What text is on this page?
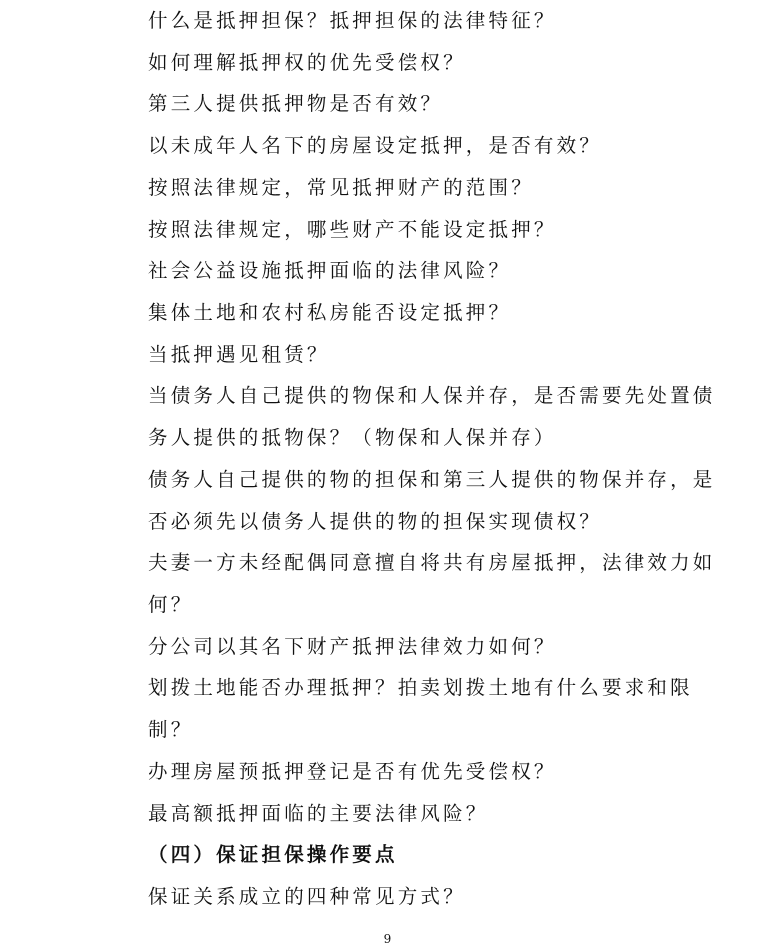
什么是抵押担保？抵押担保的法律特征？
如何理解抵押权的优先受偿权？
第三人提供抵押物是否有效？
以未成年人名下的房屋设定抵押，是否有效？
按照法律规定，常见抵押财产的范围？
按照法律规定，哪些财产不能设定抵押？
社会公益设施抵押面临的法律风险？
集体土地和农村私房能否设定抵押？
当抵押遇见租赁？
当债务人自己提供的物保和人保并存，是否需要先处置债
务人提供的抵物保？（物保和人保并存）
债务人自己提供的物的担保和第三人提供的物保并存，是
否必须先以债务人提供的物的担保实现债权？
夫妻一方未经配偶同意擅自将共有房屋抵押，法律效力如
何？
分公司以其名下财产抵押法律效力如何？
划拨土地能否办理抵押？拍卖划拨土地有什么要求和限
制？
办理房屋预抵押登记是否有优先受偿权？
最高额抵押面临的主要法律风险？
（四）保证担保操作要点
保证关系成立的四种常见方式？
9
